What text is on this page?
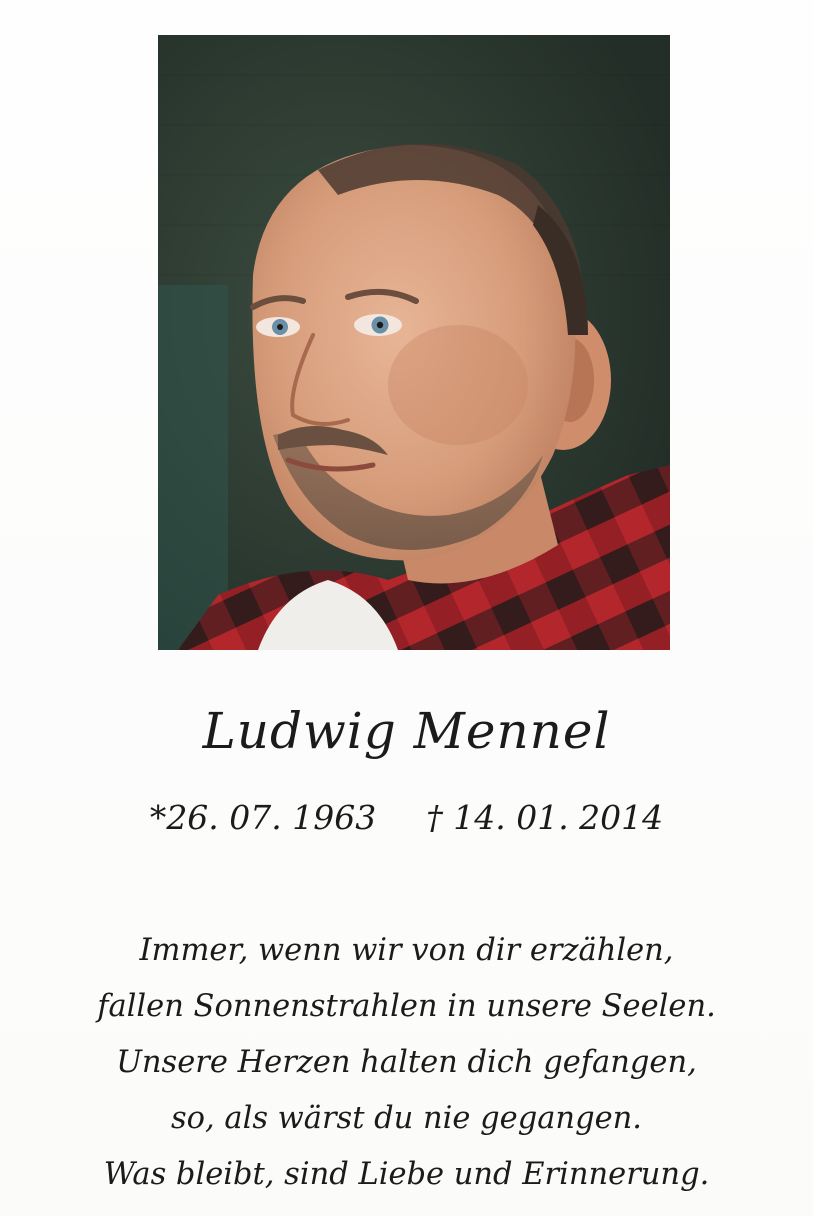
Ludwig Mennel
*26. 07. 1963 † 14. 01. 2014
Immer, wenn wir von dir erzählen,
fallen Sonnenstrahlen in unsere Seelen.
Unsere Herzen halten dich gefangen,
so, als wärst du nie gegangen.
Was bleibt, sind Liebe und Erinnerung.
